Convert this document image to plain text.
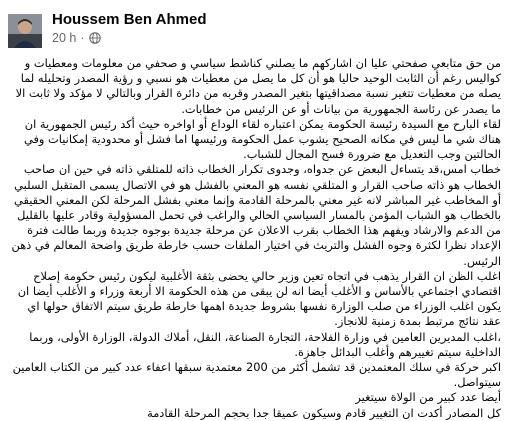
Houssem Ben Ahmed
20 h ·
من حق متابعي صفحتي عليا ان اشاركهم ما يصلني كناشط سياسي و صحفي من معلومات ومعطيات و كواليس رغم أن الثابت الوحيد حاليا هو أن كل ما يصل من معطيات هو نسبي و رؤية المصدر وتحليله لما يصله من معطيات تتغير نسبة مصداقيتها بتغير المصدر وقربه من دائرة القرار وبالتالي لا مؤكد ولا ثابت الا ما يصدر عن رئاسة الجمهورية من بيانات أو عن الرئيس من خطابات.
لقاء البارح مع السيدة رئيسة الحكومة يمكن اعتباره لقاء الوداع أو اواخره حيث أكد رئيس الجمهورية ان هناك شي ما ليس في مكانه الصحيح يشوب عمل الحكومة ورئيسها اما فشل أو محدودية إمكانيات وفي الحالتين وجب التعديل مع ضرورة فسح المجال للشباب.
خطاب امس،قد يتساءل البعض عن جدواه، وجدوى تكرار الخطاب ذاته للمتلقي ذاته في حين ان صاحب الخطاب هو ذاته صاحب القرار و المتلقي نفسه هو المعني بالفشل هو في الاتصال يسمى المتقبل السلبي أو المخاطب غير المباشر لانه غير معني بالمرحلة القادمة وإنما معني بفشل المرحلة لكن المعني الحقيقي بالخطاب هو الشباب المؤمن بالمسار السياسي الحالي والراغب في تحمل المسؤولية وقادر عليها بالقليل من الدعم والارشاد ويفهم هذا الخطاب بقرب الاعلان عن مرحلة جديدة بوجوه جديدة وربما طالت فترة الإعداد نظرا لكثرة وجوه الفشل والتريث في اختيار الملفات حسب خارطة طريق واضحة المعالم في ذهن الرئيس.
اغلب الظن ان القرار يذهب في اتجاه تعين وزير حالي يحضى بثقة الأغلبية ليكون رئيس حكومة إصلاح اقتصادي اجتماعي بالأساس و الأغلب أيضا انه لن يبقى من هذه الحكومة الا أربعة وزراء و الأغلب أيضا ان يكون اغلب الوزراء من صلب الوزارة نفسها بشروط جديدة اهمها خارطة طريق سيتم الاتفاق حولها اي عقد نتائج مرتبط بمدة زمنية للانجاز.
،اغلب المديرين العامين في وزارة الفلاحة، التجارة الصناعة، النقل، أملاك الدولة، الوزارة الأولى، وربما الداخلية سيتم تغييرهم وأغلب البدائل جاهزة.
اكبر حركة في سلك المعتمدين قد تشمل أكثر من 200 معتمدية سبقها اعفاء عدد كبير من الكتاب العامين سيتواصل.
أيضا عدد كبير من الولاة سيتغير
كل المصادر أكدت ان التغيير قادم وسيكون عميقا جدا بحجم المرحلة القادمة
